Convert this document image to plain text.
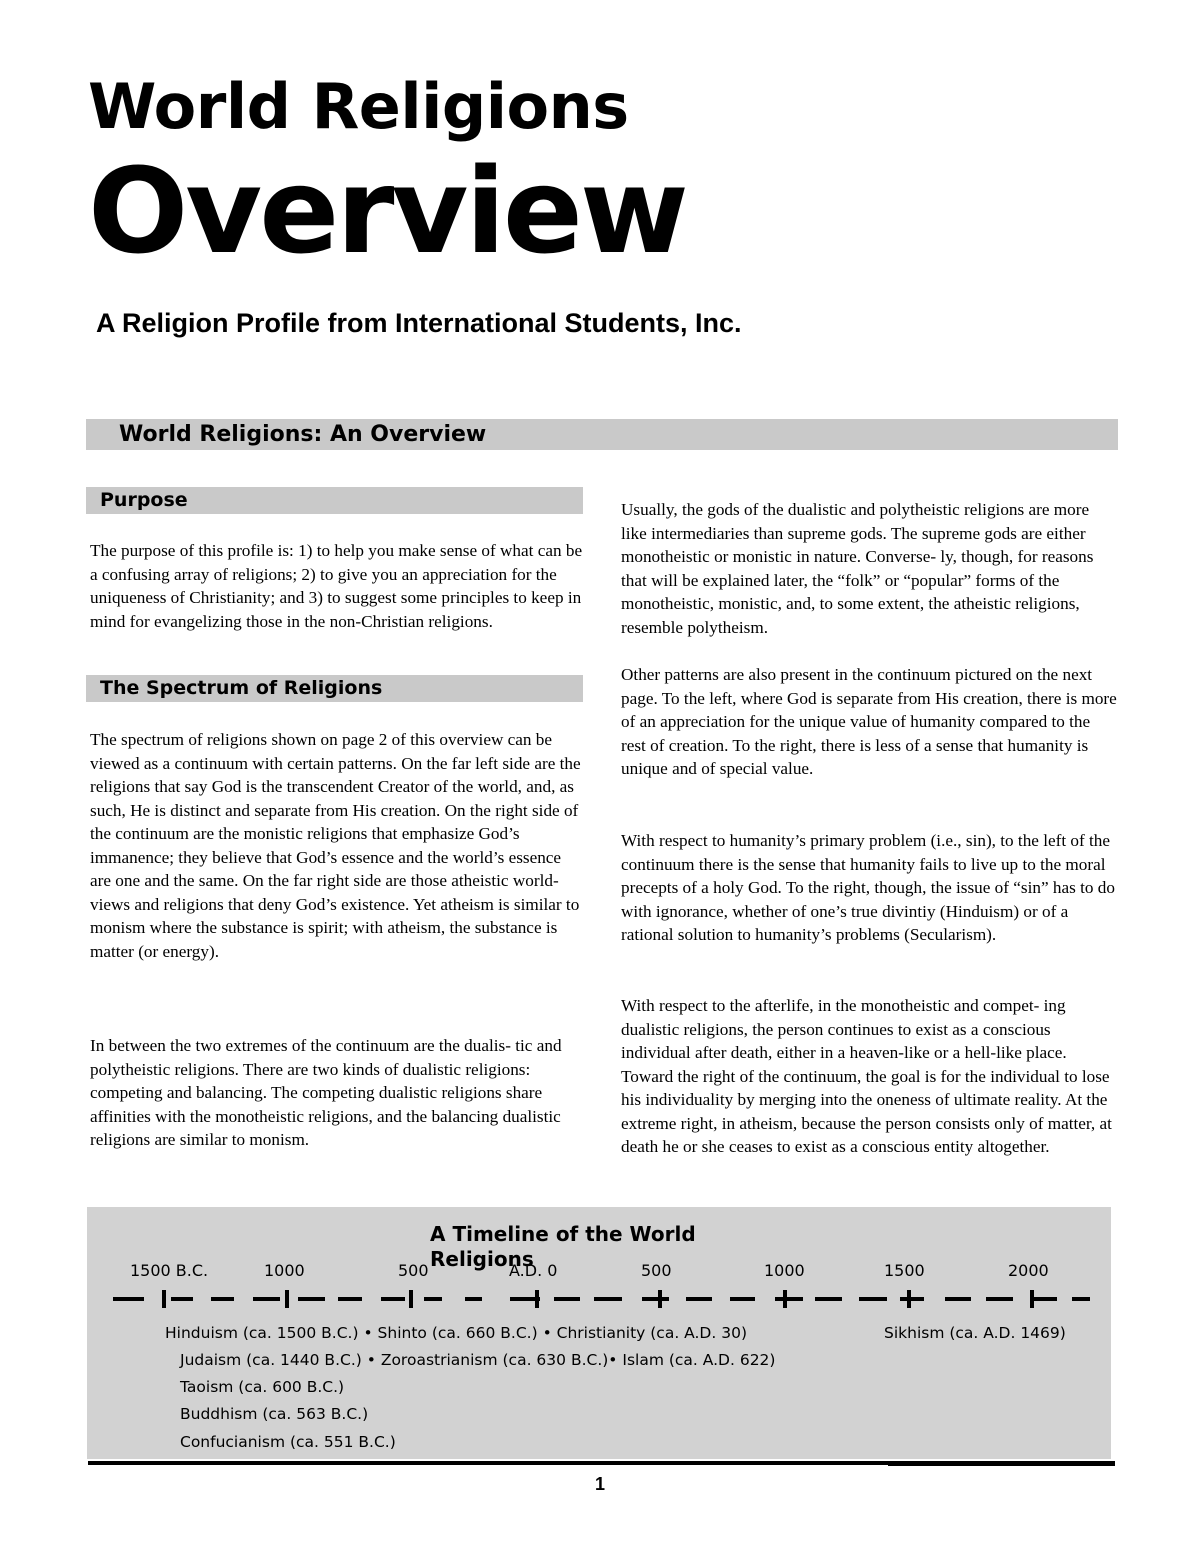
World Religions
Overview
A Religion Profile from International Students, Inc.
World Religions: An Overview
Purpose

The purpose of this profile is: 1) to help you make sense of what can be a confusing array of religions; 2) to give you an appreciation for the uniqueness of Christianity; and 3) to suggest some principles to keep in mind for evangelizing those in the non-Christian religions.

The Spectrum of Religions

The spectrum of religions shown on page 2 of this overview can be viewed as a continuum with certain patterns. On the far left side are the religions that say God is the transcendent Creator of the world, and, as such, He is distinct and separate from His creation. On the right side of the continuum are the monistic religions that emphasize God’s immanence; they believe that God’s essence and the world’s essence are one and the same. On the far right side are those atheistic world- views and religions that deny God’s existence. Yet atheism is similar to monism where the substance is spirit; with atheism, the substance is matter (or energy).

In between the two extremes of the continuum are the dualis- tic and polytheistic religions. There are two kinds of dualistic religions: competing and balancing. The competing dualistic religions share affinities with the monotheistic religions, and the balancing dualistic religions are similar to monism.

Usually, the gods of the dualistic and polytheistic religions are more like intermediaries than supreme gods. The supreme gods are either monotheistic or monistic in nature. Converse- ly, though, for reasons that will be explained later, the “folk” or “popular” forms of the monotheistic, monistic, and, to some extent, the atheistic religions, resemble polytheism.

Other patterns are also present in the continuum pictured on the next page. To the left, where God is separate from His creation, there is more of an appreciation for the unique value of humanity compared to the rest of creation. To the right, there is less of a sense that humanity is unique and of special value.

With respect to humanity’s primary problem (i.e., sin), to the left of the continuum there is the sense that humanity fails to live up to the moral precepts of a holy God. To the right, though, the issue of “sin” has to do with ignorance, whether of one’s true divintiy (Hinduism) or of a rational solution to humanity’s problems (Secularism).

With respect to the afterlife, in the monotheistic and compet- ing dualistic religions, the person continues to exist as a conscious individual after death, either in a heaven-like or a hell-like place. Toward the right of the continuum, the goal is for the individual to lose his individuality by merging into the oneness of ultimate reality. At the extreme right, in atheism, because the person consists only of matter, at death he or she ceases to exist as a conscious entity altogether.

A Timeline of the World Religions
1500 B.C.	1000	500	A.D. 0	500	1000	1500	2000
Hinduism (ca. 1500 B.C.) • Shinto (ca. 660 B.C.) • Christianity (ca. A.D. 30)	Sikhism (ca. A.D. 1469)
Judaism (ca. 1440 B.C.) • Zoroastrianism (ca. 630 B.C.)• Islam (ca. A.D. 622)
Taoism (ca. 600 B.C.)
Buddhism (ca. 563 B.C.)
Confucianism (ca. 551 B.C.)
1
